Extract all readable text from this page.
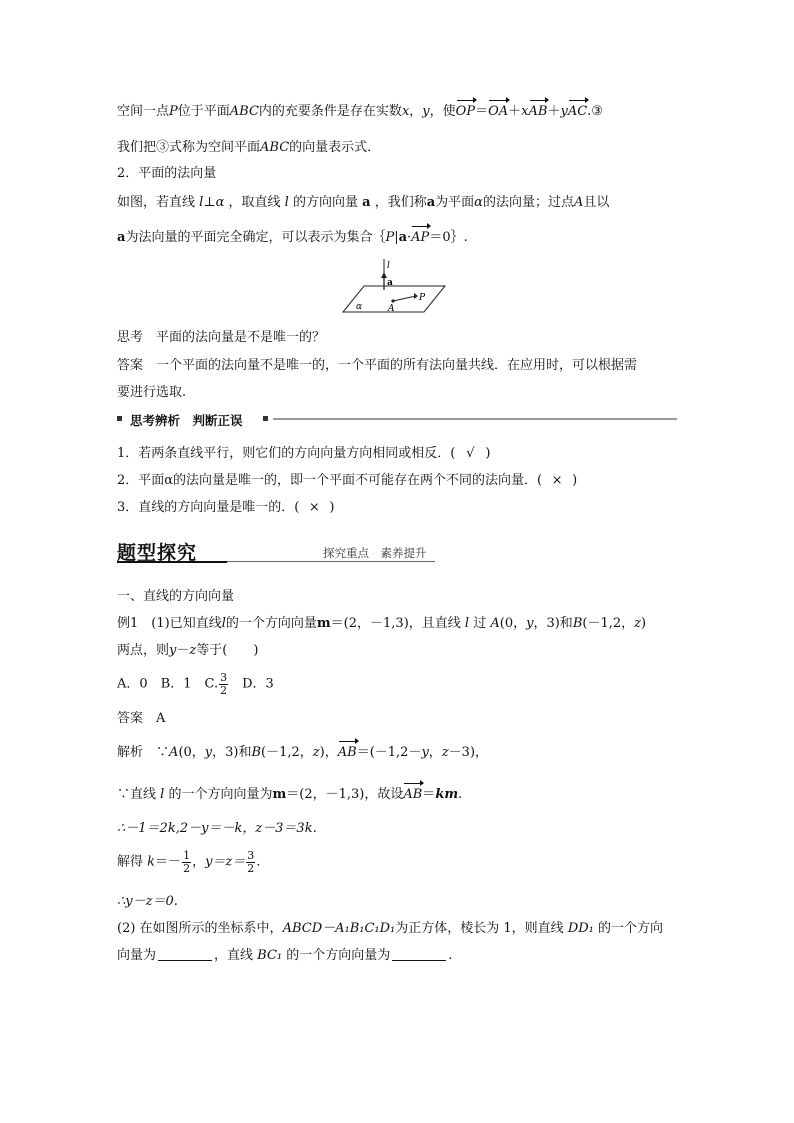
空间一点P位于平面ABC内的充要条件是存在实数x，y，使OP＝OA＋xAB＋yAC.③
我们把③式称为空间平面ABC的向量表示式．
2．平面的法向量
如图，若直线 l⊥α ，取直线 l 的方向向量 a ，我们称a为平面α的法向量；过点A且以
a为法向量的平面完全确定，可以表示为集合｛P|a·AP＝0｝.
l
a
P
A
α
思考　 平面的法向量是不是唯一的？
答案　 一个平面的法向量不是唯一的，一个平面的所有法向量共线．在应用时，可以根据需
要进行选取.
思考辨析　判断正误
1．若两条直线平行，则它们的方向向量方向相同或相反．( √ )
2．平面α的法向量是唯一的，即一个平面不可能存在两个不同的法向量．( × )
3．直线的方向向量是唯一的．( × )
题型探究	探究重点　素养提升
一、直线的方向向量
例1　 (1)已知直线l的一个方向向量m＝(2，－1,3)，且直线 l 过 A(0，y，3)和B(－1,2，z)
两点，则y－z等于(　　)
A．0　B．1　C. $\frac{3}{2}$ 　D．3
答案　 A
解析　 ∵A(0，y，3)和B(－1,2，z)，AB＝(－1,2－y，z－3)，
∵直线 l 的一个方向向量为m＝(2，－1,3)，故设AB＝km.
∴－1＝2k,2－y＝－k，z－3＝3k.
解得 $k=- \frac{1}{2}$ ，$y=z= \frac{3}{2}$ .
∴y－z＝0.
(2) 在如图所示的坐标系中，ABCD－A₁B₁C₁D₁为正方体，棱长为 1，则直线 DD₁ 的一个方向
向量为	，直线 BC₁ 的一个方向向量为	.
